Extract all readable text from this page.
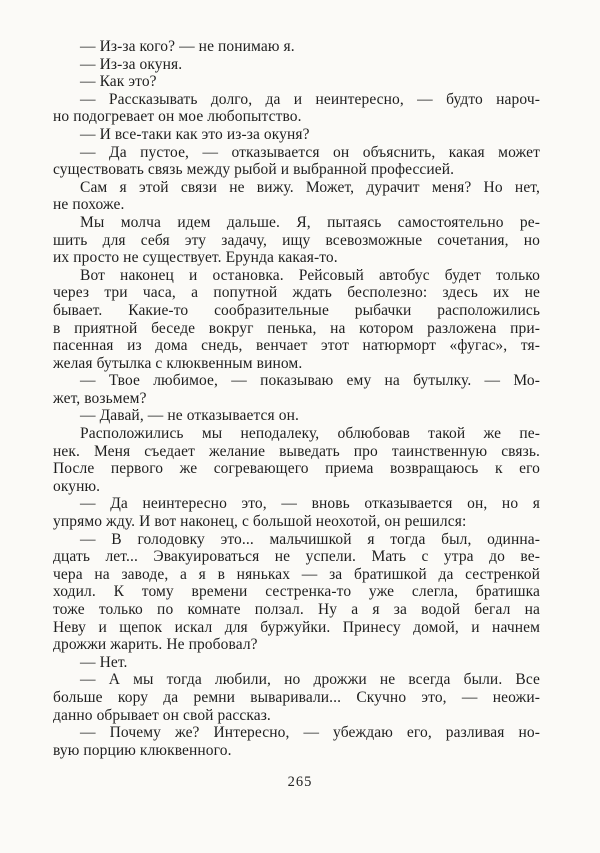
— Из-за кого? — не понимаю я.
— Из-за окуня.
— Как это?
— Рассказывать долго, да и неинтересно, — будто нароч-
но подогревает он мое любопытство.
— И все-таки как это из-за окуня?
— Да пустое, — отказывается он объяснить, какая может
существовать связь между рыбой и выбранной профессией.
Сам я этой связи не вижу. Может, дурачит меня? Но нет,
не похоже.
Мы молча идем дальше. Я, пытаясь самостоятельно ре-
шить для себя эту задачу, ищу всевозможные сочетания, но
их просто не существует. Ерунда какая-то.
Вот наконец и остановка. Рейсовый автобус будет только
через три часа, а попутной ждать бесполезно: здесь их не
бывает. Какие-то сообразительные рыбачки расположились
в приятной беседе вокруг пенька, на котором разложена при-
пасенная из дома снедь, венчает этот натюрморт «фугас», тя-
желая бутылка с клюквенным вином.
— Твое любимое, — показываю ему на бутылку. — Мо-
жет, возьмем?
— Давай, — не отказывается он.
Расположились мы неподалеку, облюбовав такой же пе-
нек. Меня съедает желание выведать про таинственную связь.
После первого же согревающего приема возвращаюсь к его
окуню.
— Да неинтересно это, — вновь отказывается он, но я
упрямо жду. И вот наконец, с большой неохотой, он решился:
— В голодовку это... мальчишкой я тогда был, одинна-
дцать лет... Эвакуироваться не успели. Мать с утра до ве-
чера на заводе, а я в няньках — за братишкой да сестренкой
ходил. К тому времени сестренка-то уже слегла, братишка
тоже только по комнате ползал. Ну а я за водой бегал на
Неву и щепок искал для буржуйки. Принесу домой, и начнем
дрожжи жарить. Не пробовал?
— Нет.
— А мы тогда любили, но дрожжи не всегда были. Все
больше кору да ремни вываривали... Скучно это, — неожи-
данно обрывает он свой рассказ.
— Почему же? Интересно, — убеждаю его, разливая но-
вую порцию клюквенного.
265
